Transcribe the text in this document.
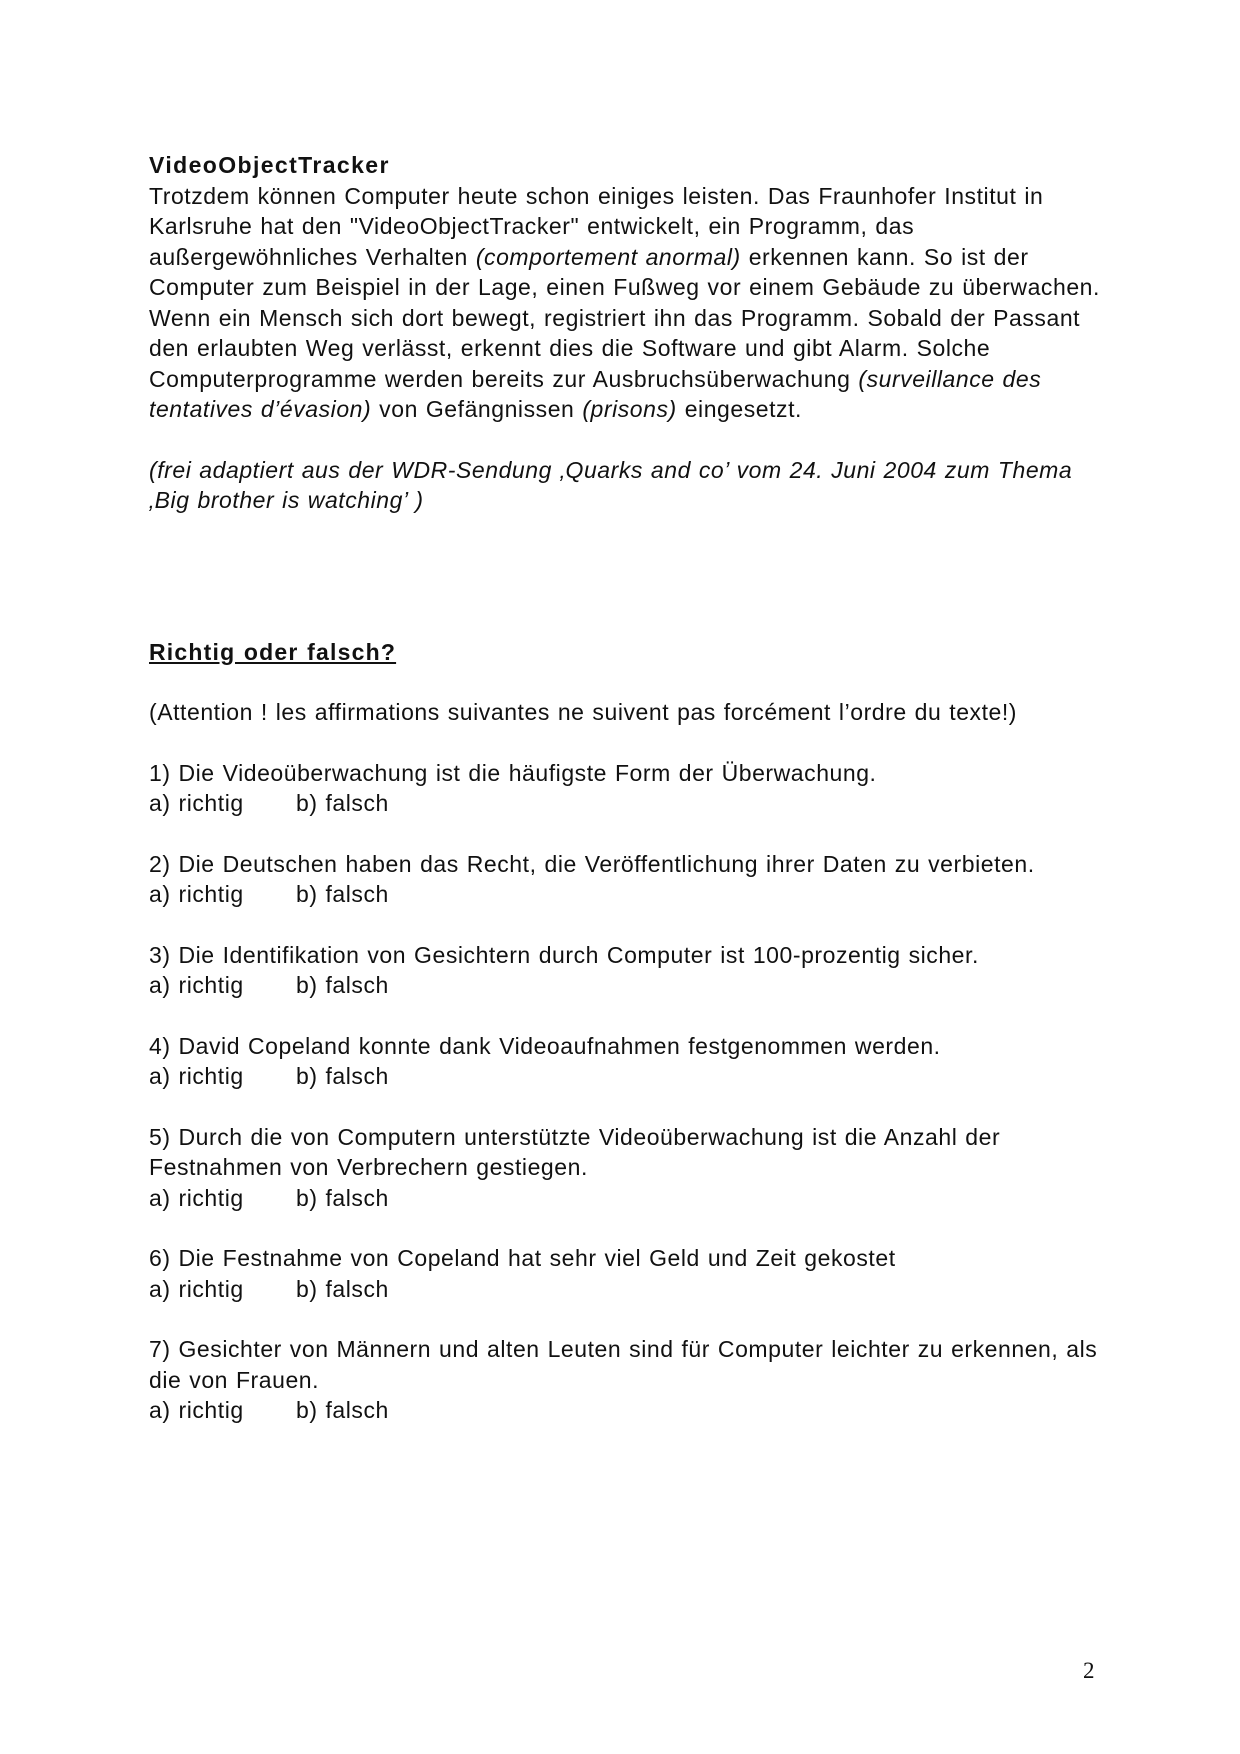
VideoObjectTracker

Trotzdem können Computer heute schon einiges leisten. Das Fraunhofer Institut in Karlsruhe hat den "VideoObjectTracker" entwickelt, ein Programm, das außergewöhnliches Verhalten (comportement anormal) erkennen kann. So ist der Computer zum Beispiel in der Lage, einen Fußweg vor einem Gebäude zu überwachen. Wenn ein Mensch sich dort bewegt, registriert ihn das Programm. Sobald der Passant den erlaubten Weg verlässt, erkennt dies die Software und gibt Alarm. Solche Computerprogramme werden bereits zur Ausbruchsüberwachung (surveillance des tentatives d’évasion) von Gefängnissen (prisons) eingesetzt.

(frei adaptiert aus der WDR-Sendung ‚Quarks and co’ vom 24. Juni 2004 zum Thema ‚Big brother is watching’ )
Richtig oder falsch?
(Attention ! les affirmations suivantes ne suivent pas forcément l’ordre du texte!)
1) Die Videoüberwachung ist die häufigste Form der Überwachung.
a) richtig	b) falsch
2) Die Deutschen haben das Recht, die Veröffentlichung ihrer Daten zu verbieten.
a) richtig	b) falsch
3) Die Identifikation von Gesichtern durch Computer ist 100-prozentig sicher.
a) richtig	b) falsch
4) David Copeland konnte dank Videoaufnahmen festgenommen werden.
a) richtig	b) falsch
5) Durch die von Computern unterstützte Videoüberwachung ist die Anzahl der Festnahmen von Verbrechern gestiegen.
a) richtig	b) falsch
6) Die Festnahme von Copeland hat sehr viel Geld und Zeit gekostet
a) richtig	b) falsch
7) Gesichter von Männern und alten Leuten sind für Computer leichter zu erkennen, als die von Frauen.
a) richtig	b) falsch
2
